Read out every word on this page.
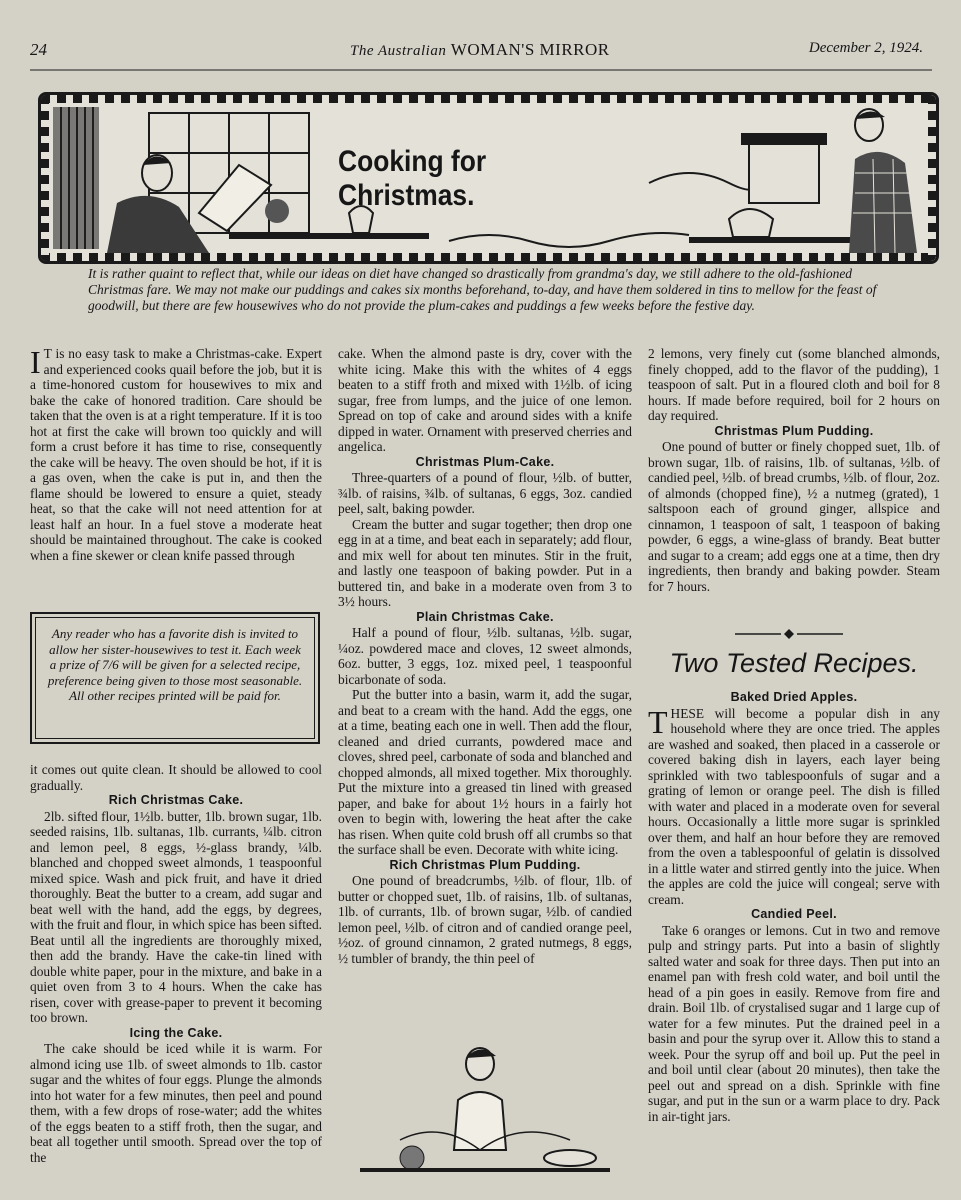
24	The Australian WOMAN'S MIRROR	December 2, 1924.
Cooking for Christmas.
It is rather quaint to reflect that, while our ideas on diet have changed so drastically from grandma's day, we still adhere to the old-fashioned Christmas fare. We may not make our puddings and cakes six months beforehand, to-day, and have them soldered in tins to mellow for the feast of goodwill, but there are few housewives who do not provide the plum-cakes and puddings a few weeks before the festive day.

I T is no easy task to make a Christmas-cake. Expert and experienced cooks quail before the job, but it is a time-honored custom for housewives to mix and bake the cake of honored tradition. Care should be taken that the oven is at a right temperature. If it is too hot at first the cake will brown too quickly and will form a crust before it has time to rise, consequently the cake will be heavy. The oven should be hot, if it is a gas oven, when the cake is put in, and then the flame should be lowered to ensure a quiet, steady heat, so that the cake will not need attention for at least half an hour. In a fuel stove a moderate heat should be maintained throughout. The cake is cooked when a fine skewer or clean knife passed through

Any reader who has a favorite dish is invited to allow her sister-housewives to test it. Each week a prize of 7/6 will be given for a selected recipe, preference being given to those most seasonable. All other recipes printed will be paid for.

it comes out quite clean. It should be allowed to cool gradually.

Rich Christmas Cake.

2lb. sifted flour, 1½lb. butter, 1lb. brown sugar, 1lb. seeded raisins, 1lb. sultanas, 1lb. currants, ¼lb. citron and lemon peel, 8 eggs, ½-glass brandy, ¼lb. blanched and chopped sweet almonds, 1 teaspoonful mixed spice. Wash and pick fruit, and have it dried thoroughly. Beat the butter to a cream, add sugar and beat well with the hand, add the eggs, by degrees, with the fruit and flour, in which spice has been sifted. Beat until all the ingredients are thoroughly mixed, then add the brandy. Have the cake-tin lined with double white paper, pour in the mixture, and bake in a quiet oven from 3 to 4 hours. When the cake has risen, cover with grease-paper to prevent it becoming too brown.

Icing the Cake.

The cake should be iced while it is warm. For almond icing use 1lb. of sweet almonds to 1lb. castor sugar and the whites of four eggs. Plunge the almonds into hot water for a few minutes, then peel and pound them, with a few drops of rose-water; add the whites of the eggs beaten to a stiff froth, then the sugar, and beat all together until smooth. Spread over the top of the

cake. When the almond paste is dry, cover with the white icing. Make this with the whites of 4 eggs beaten to a stiff froth and mixed with 1½lb. of icing sugar, free from lumps, and the juice of one lemon. Spread on top of cake and around sides with a knife dipped in water. Ornament with preserved cherries and angelica.

Christmas Plum-Cake.

Three-quarters of a pound of flour, ½lb. of butter, ¾lb. of raisins, ¾lb. of sultanas, 6 eggs, 3oz. candied peel, salt, baking powder.

Cream the butter and sugar together; then drop one egg in at a time, and beat each in separately; add flour, and mix well for about ten minutes. Stir in the fruit, and lastly one teaspoon of baking powder. Put in a buttered tin, and bake in a moderate oven from 3 to 3½ hours.

Plain Christmas Cake.

Half a pound of flour, ½lb. sultanas, ½lb. sugar, ¼oz. powdered mace and cloves, 12 sweet almonds, 6oz. butter, 3 eggs, 1oz. mixed peel, 1 teaspoonful bicarbonate of soda.

Put the butter into a basin, warm it, add the sugar, and beat to a cream with the hand. Add the eggs, one at a time, beating each one in well. Then add the flour, cleaned and dried currants, powdered mace and cloves, shred peel, carbonate of soda and blanched and chopped almonds, all mixed together. Mix thoroughly. Put the mixture into a greased tin lined with greased paper, and bake for about 1½ hours in a fairly hot oven to begin with, lowering the heat after the cake has risen. When quite cold brush off all crumbs so that the surface shall be even. Decorate with white icing.

Rich Christmas Plum Pudding.

One pound of breadcrumbs, ½lb. of flour, 1lb. of butter or chopped suet, 1lb. of raisins, 1lb. of sultanas, 1lb. of currants, 1lb. of brown sugar, ½lb. of candied lemon peel, ½lb. of citron and of candied orange peel, ½oz. of ground cinnamon, 2 grated nutmegs, 8 eggs, ½ tumbler of brandy, the thin peel of

2 lemons, very finely cut (some blanched almonds, finely chopped, add to the flavor of the pudding), 1 teaspoon of salt. Put in a floured cloth and boil for 8 hours. If made before required, boil for 2 hours on day required.

Christmas Plum Pudding.

One pound of butter or finely chopped suet, 1lb. of brown sugar, 1lb. of raisins, 1lb. of sultanas, ½lb. of candied peel, ½lb. of bread crumbs, ½lb. of flour, 2oz. of almonds (chopped fine), ½ a nutmeg (grated), 1 saltspoon each of ground ginger, allspice and cinnamon, 1 teaspoon of salt, 1 teaspoon of baking powder, 6 eggs, a wine-glass of brandy. Beat butter and sugar to a cream; add eggs one at a time, then dry ingredients, then brandy and baking powder. Steam for 7 hours.

Two Tested Recipes.

Baked Dried Apples.

THESE will become a popular dish in any household where they are once tried. The apples are washed and soaked, then placed in a casserole or covered baking dish in layers, each layer being sprinkled with two tablespoonfuls of sugar and a grating of lemon or orange peel. The dish is filled with water and placed in a moderate oven for several hours. Occasionally a little more sugar is sprinkled over them, and half an hour before they are removed from the oven a tablespoonful of gelatin is dissolved in a little water and stirred gently into the juice. When the apples are cold the juice will congeal; serve with cream.

Candied Peel.

Take 6 oranges or lemons. Cut in two and remove pulp and stringy parts. Put into a basin of slightly salted water and soak for three days. Then put into an enamel pan with fresh cold water, and boil until the head of a pin goes in easily. Remove from fire and drain. Boil 1lb. of crystalised sugar and 1 large cup of water for a few minutes. Put the drained peel in a basin and pour the syrup over it. Allow this to stand a week. Pour the syrup off and boil up. Put the peel in and boil until clear (about 20 minutes), then take the peel out and spread on a dish. Sprinkle with fine sugar, and put in the sun or a warm place to dry. Pack in air-tight jars.
